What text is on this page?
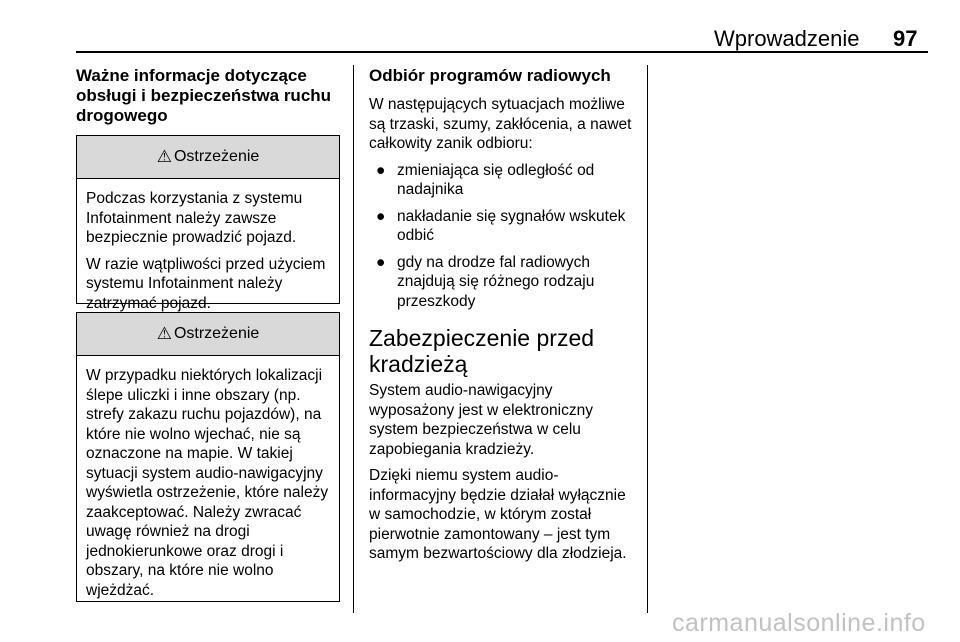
Wprowadzenie 97
Ważne informacje dotyczące obsługi i bezpieczeństwa ruchu drogowego
⚠ Ostrzeżenie

Podczas korzystania z systemu Infotainment należy zawsze bezpiecznie prowadzić pojazd.

W razie wątpliwości przed użyciem systemu Infotainment należy zatrzymać pojazd.

⚠ Ostrzeżenie

W przypadku niektórych lokalizacji ślepe uliczki i inne obszary (np. strefy zakazu ruchu pojazdów), na które nie wolno wjechać, nie są oznaczone na mapie. W takiej sytuacji system audio-nawigacyjny wyświetla ostrzeżenie, które należy zaakceptować. Należy zwracać uwagę również na drogi jednokierunkowe oraz drogi i obszary, na które nie wolno wjeżdżać.

Odbiór programów radiowych

W następujących sytuacjach możliwe są trzaski, szumy, zakłócenia, a nawet całkowity zanik odbioru:

● zmieniająca się odległość od nadajnika
● nakładanie się sygnałów wskutek odbić
● gdy na drodze fal radiowych znajdują się różnego rodzaju przeszkody
Zabezpieczenie przed kradzieżą

System audio-nawigacyjny wyposażony jest w elektroniczny system bezpieczeństwa w celu zapobiegania kradzieży.

Dzięki niemu system audio-informacyjny będzie działał wyłącznie w samochodzie, w którym został pierwotnie zamontowany – jest tym samym bezwartościowy dla złodzieja.

carmanualsonline.info
